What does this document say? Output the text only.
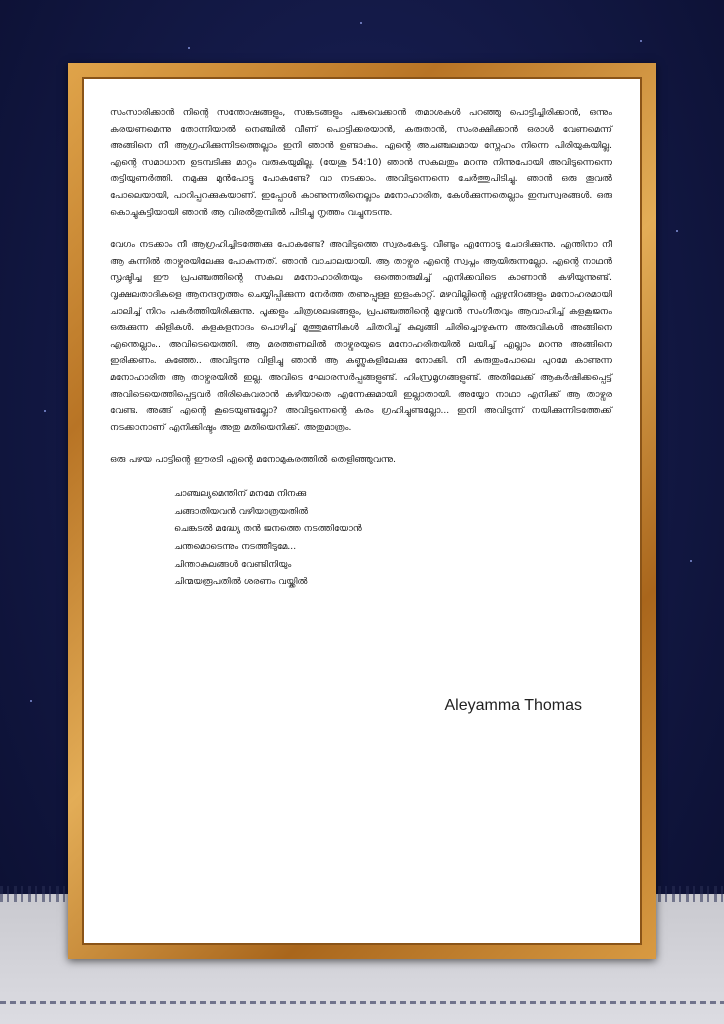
സംസാരിക്കാൻ നിന്റെ സന്തോഷങ്ങളും, സങ്കടങ്ങളും പങ്കുവെക്കാൻ തമാശകൾ പറഞ്ഞു പൊട്ടിച്ചിരിക്കാൻ, ഒന്നും കരയണമെന്നു തോന്നിയാൽ നെഞ്ചിൽ വീണ് പൊട്ടിക്കരയാൻ, കരുതാൻ, സംരക്ഷിക്കാൻ ഒരാൾ വേണമെന്ന് അങ്ങിനെ നീ ആഗ്രഹിക്കുന്നിടത്തെല്ലാം ഇനി ഞാൻ ഉണ്ടാകും. എന്റെ അചഞ്ചലമായ സ്നേഹം നിന്നെ പിരിയുകയില്ല. എന്റെ സമാധാന ഉടമ്പടിക്കു മാറ്റം വരുകയുമില്ല. (യേശു 54:10) ഞാൻ സകലതും മറന്നു നിന്നുപോയി അവിടുന്നെന്നെ തട്ടിയുണർത്തി. നമുക്കു മുൻപോട്ടു പോകണ്ടേ? വാ നടക്കാം. അവിടുന്നെന്നെ ചേർത്തുപിടിച്ചു. ഞാൻ ഒരു തൂവൽ പോലെയായി, പാറിപ്പറക്കുകയാണ്. ഇപ്പോൾ കാണുന്നതിനെല്ലാം മനോഹാരിത, കേൾക്കുന്നതെല്ലാം ഇമ്പസ്വരങ്ങൾ. ഒരു കൊച്ചുകുട്ടിയായി ഞാൻ ആ വിരൽതുമ്പിൽ പിടിച്ചു നൃത്തം വച്ചുനടന്നു.

വേഗം നടക്കാം നീ ആഗ്രഹിച്ചിടത്തേക്കു പോകണ്ടേ? അവിടുത്തെ സ്വരംകേട്ടു. വീണ്ടും എന്നോടു ചോദിക്കുന്നു. എന്തിനാ നീ ആ കുന്നിൽ താഴ്വരയിലേക്കു പോകുന്നത്. ഞാൻ വാചാലയായി. ആ താഴ്വര എന്റെ സ്വപ്നം ആയിരുന്നല്ലോ. എന്റെ നാഥൻ സൃഷ്ടിച്ച ഈ പ്രപഞ്ചത്തിന്റെ സകല മനോഹാരിതയും ഒത്തൊരുമിച്ച് എനിക്കവിടെ കാണാൻ കഴിയുന്നുണ്ട്. വൃക്ഷലതാദികളെ ആനന്ദനൃത്തം ചെയ്യിപ്പിക്കുന്ന നേർത്ത തണുപ്പുള്ള ഇളംകാറ്റ്. മഴവില്ലിന്റെ ഏഴുനിറങ്ങളും മനോഹരമായി ചാലിച്ച് നിറം പകർത്തിയിരിക്കുന്നു. പൂക്കളും ചിത്രശലഭങ്ങളും, പ്രപഞ്ചത്തിന്റെ മുഴുവൻ സംഗീതവും ആവാഹിച്ച് കളകൂജനം ഒരുക്കുന്ന കിളികൾ. കളകളനാദം പൊഴിച്ച് മുത്തുമണികൾ ചിതറിച്ച് കുലുങ്ങി ചിരിച്ചൊഴുകുന്ന അരുവികൾ അങ്ങിനെ എന്തെല്ലാം.. അവിടെയെത്തി. ആ മരത്തണലിൽ താഴ്വരയുടെ മനോഹരിതയിൽ ലയിച്ച് എല്ലാം മറന്നു അങ്ങിനെ ഇരിക്കണം. കുഞ്ഞേ.. അവിടുന്നു വിളിച്ചു ഞാൻ ആ കണ്ണുകളിലേക്കു നോക്കി. നീ കരുതുംപോലെ പുറമേ കാണുന്ന മനോഹാരിത ആ താഴ്വരയിൽ ഇല്ല. അവിടെ ഘോരസർപ്പങ്ങളുണ്ട്. ഹിംസ്രമൃഗങ്ങളുണ്ട്. അതിലേക്ക് ആകർഷിക്കപ്പെട്ട് അവിടെയെത്തിപ്പെട്ടവർ തിരികെവരാൻ കഴിയാതെ എന്നേക്കുമായി ഇല്ലാതായി. അയ്യോ നാഥാ എനിക്ക് ആ താഴ്വര വേണ്ട. അങ്ങ് എന്റെ കൂടെയുണ്ടല്ലോ? അവിടുന്നെന്റെ കരം ഗ്രഹിച്ചുണ്ടല്ലോ... ഇനി അവിടുന്ന് നയിക്കുന്നിടത്തേക്ക് നടക്കാനാണ് എനിക്കിഷ്ടം അതു മതിയെനിക്ക്. അതുമാത്രം.

ഒരു പഴയ പാട്ടിന്റെ ഈരടി എന്റെ മനോമുകരത്തിൽ തെളിഞ്ഞുവന്നു.

ചാഞ്ചല്യമെന്തിന് മനമേ നിനക്കു
ചങ്ങാതിയവൻ വഴിയാത്രയതിൽ
ചെങ്കടൽ മദ്ധ്യേ തൻ ജനത്തെ നടത്തിയോൻ
ചന്തമൊടെന്നും നടത്തീടുമേ...
ചിന്താകുലങ്ങൾ വേണ്ടിനിയും
ചിന്മയരൂപതിൽ ശരണം വയ്ക്കിൽ
Aleyamma Thomas
